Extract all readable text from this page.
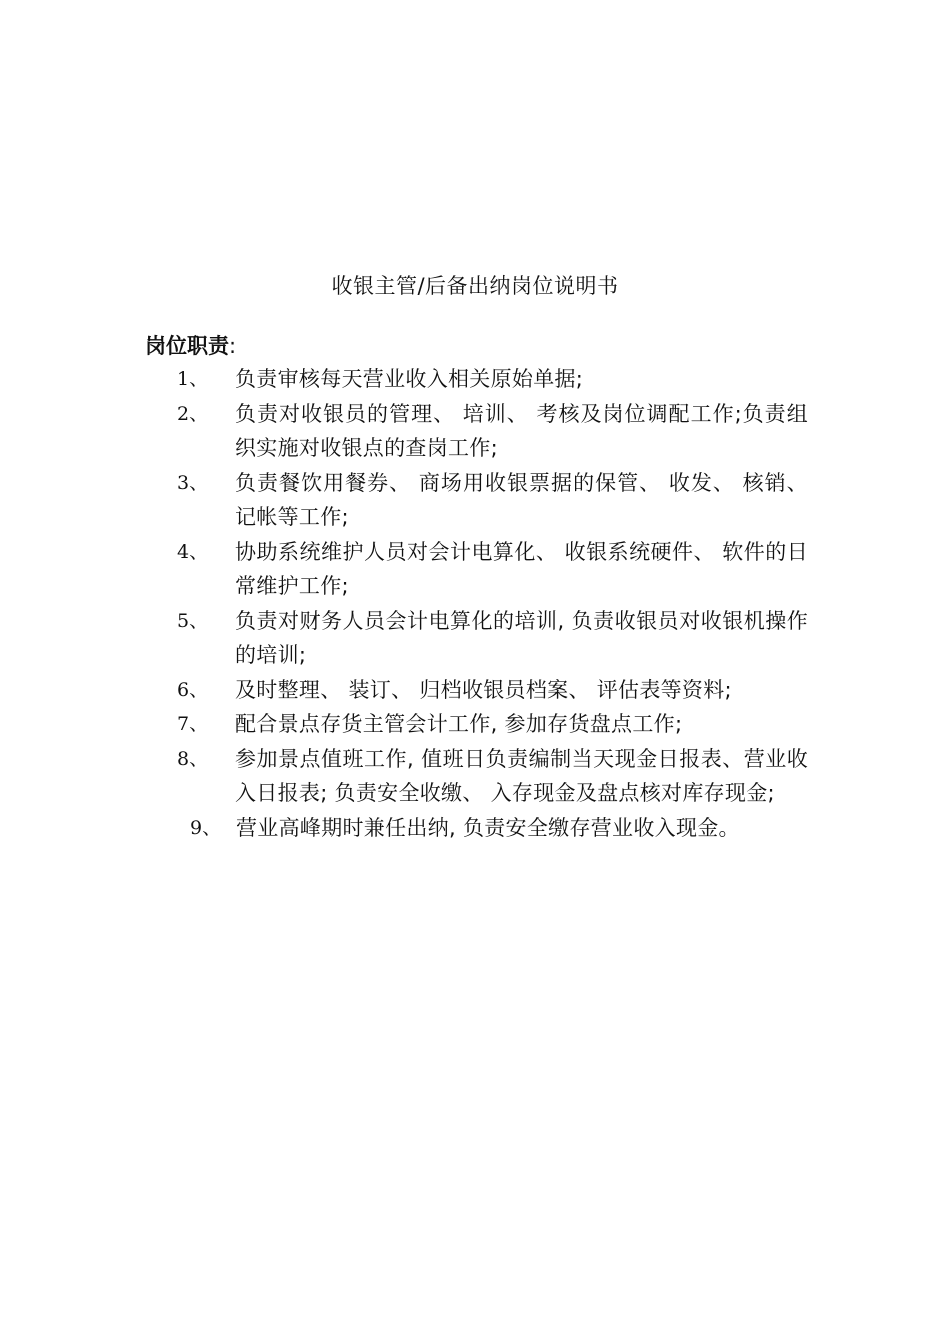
收银主管/后备出纳岗位说明书
岗位职责:
1、 负责审核每天营业收入相关原始单据;
2、 负责对收银员的管理、 培训、 考核及岗位调配工作;负责组织实施对收银点的查岗工作;
3、 负责餐饮用餐券、 商场用收银票据的保管、 收发、 核销、 记帐等工作;
4、 协助系统维护人员对会计电算化、 收银系统硬件、 软件的日常维护工作;
5、 负责对财务人员会计电算化的培训, 负责收银员对收银机操作的培训;
6、 及时整理、 装订、 归档收银员档案、 评估表等资料;
7、 配合景点存货主管会计工作, 参加存货盘点工作;
8、 参加景点值班工作, 值班日负责编制当天现金日报表、营业收入日报表; 负责安全收缴、 入存现金及盘点核对库存现金;
9、 营业高峰期时兼任出纳, 负责安全缴存营业收入现金。
